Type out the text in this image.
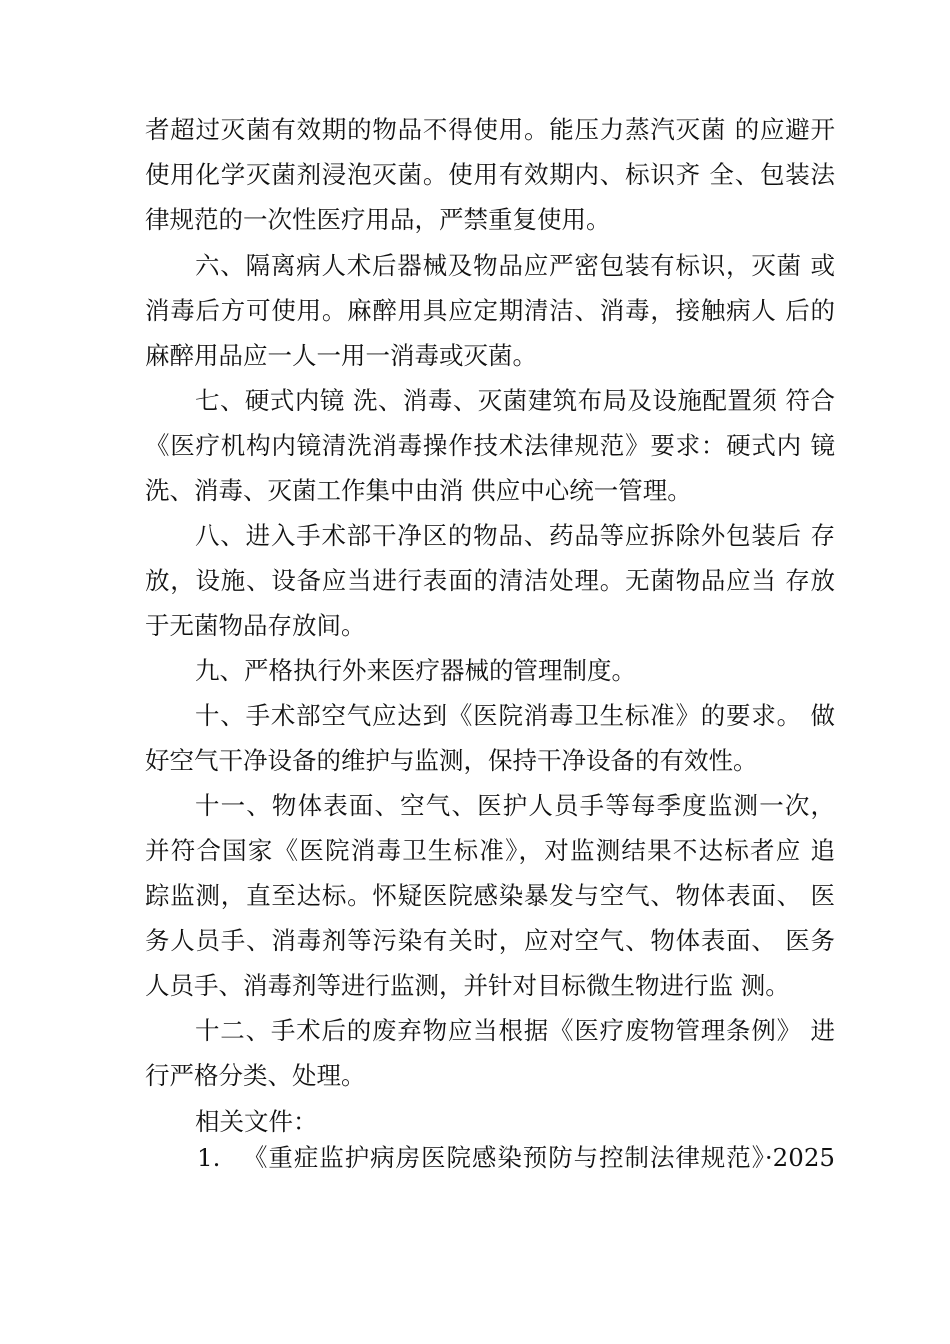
者超过灭菌有效期的物品不得使用。能压力蒸汽灭菌 的应避开
使用化学灭菌剂浸泡灭菌。使用有效期内、标识齐 全、包装法
律规范的一次性医疗用品，严禁重复使用。
六、隔离病人术后器械及物品应严密包装有标识，灭菌 或
消毒后方可使用。麻醉用具应定期清洁、消毒，接触病人 后的
麻醉用品应一人一用一消毒或灭菌。
七、硬式内镜 洗、消毒、灭菌建筑布局及设施配置须 符合
《医疗机构内镜清洗消毒操作技术法律规范》要求：硬式内 镜
洗、消毒、灭菌工作集中由消 供应中心统一管理。
八、进入手术部干净区的物品、药品等应拆除外包装后 存
放，设施、设备应当进行表面的清洁处理。无菌物品应当 存放
于无菌物品存放间。
九、严格执行外来医疗器械的管理制度。
十、手术部空气应达到《医院消毒卫生标准》的要求。 做
好空气干净设备的维护与监测，保持干净设备的有效性。
十一、物体表面、空气、医护人员手等每季度监测一次，
并符合国家《医院消毒卫生标准》，对监测结果不达标者应 追
踪监测，直至达标。怀疑医院感染暴发与空气、物体表面、 医
务人员手、消毒剂等污染有关时，应对空气、物体表面、 医务
人员手、消毒剂等进行监测，并针对目标微生物进行监 测。
十二、手术后的废弃物应当根据《医疗废物管理条例》 进
行严格分类、处理。
相关文件：
1. 《重症监护病房医院感染预防与控制法律规范》·2025
